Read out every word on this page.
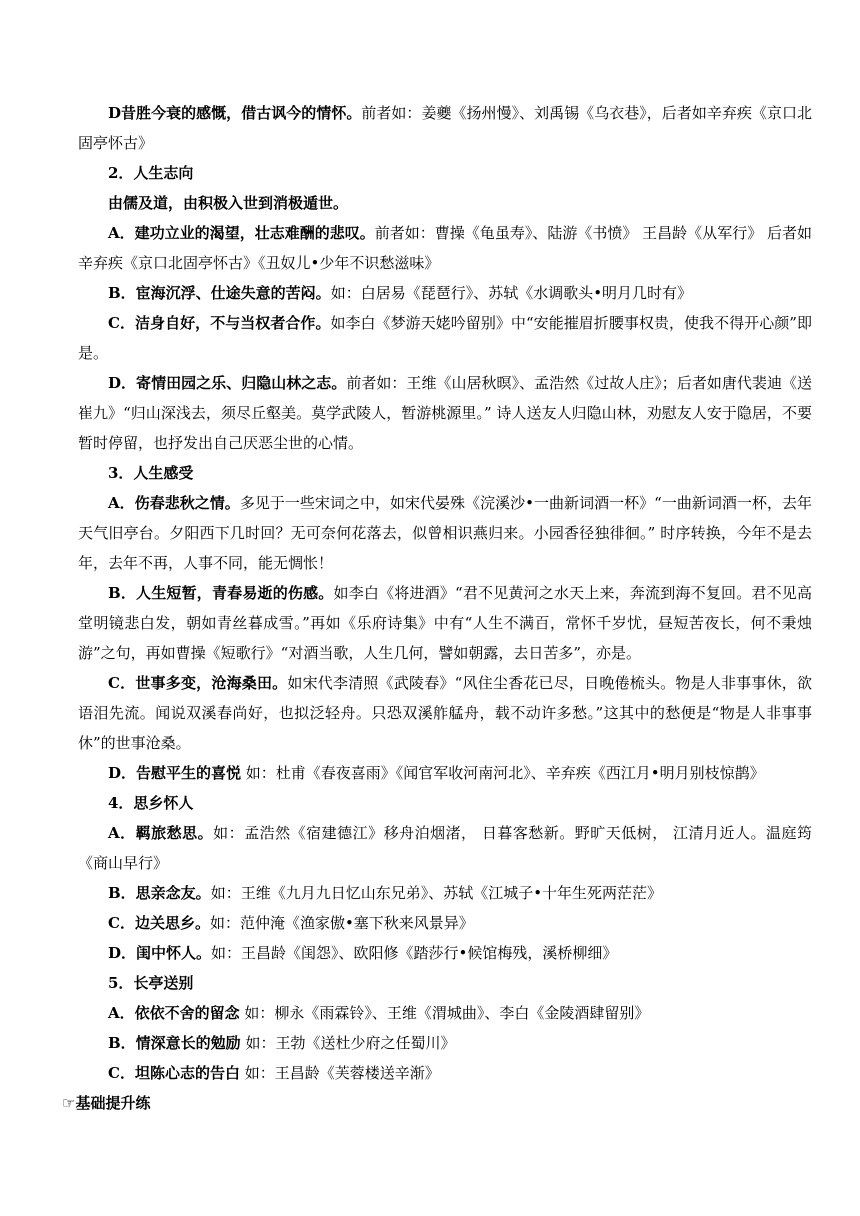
D昔胜今衰的感慨，借古讽今的情怀。前者如：姜夔《扬州慢》、刘禹锡《乌衣巷》，后者如辛弃疾《京口北固亭怀古》

2．人生志向

由儒及道，由积极入世到消极遁世。

A．建功立业的渴望，壮志难酬的悲叹。前者如：曹操《龟虽寿》、陆游《书愤》 王昌龄《从军行》 后者如辛弃疾《京口北固亭怀古》《丑奴儿•少年不识愁滋味》

B．宦海沉浮、仕途失意的苦闷。如：白居易《琵琶行》、苏轼《水调歌头•明月几时有》

C．洁身自好，不与当权者合作。如李白《梦游天姥吟留别》中“安能摧眉折腰事权贵，使我不得开心颜”即是。

D．寄情田园之乐、归隐山林之志。前者如：王维《山居秋暝》、孟浩然《过故人庄》；后者如唐代裴迪《送崔九》“归山深浅去，须尽丘壑美。莫学武陵人，暂游桃源里。” 诗人送友人归隐山林，劝慰友人安于隐居，不要暂时停留，也抒发出自己厌恶尘世的心情。

3．人生感受

A．伤春悲秋之情。多见于一些宋词之中，如宋代晏殊《浣溪沙•一曲新词酒一杯》“一曲新词酒一杯，去年天气旧亭台。夕阳西下几时回？无可奈何花落去，似曾相识燕归来。小园香径独徘徊。” 时序转换，今年不是去年，去年不再，人事不同，能无惆怅！

B．人生短暂，青春易逝的伤感。如李白《将进酒》“君不见黄河之水天上来，奔流到海不复回。君不见高堂明镜悲白发，朝如青丝暮成雪。”再如《乐府诗集》中有“人生不满百，常怀千岁忧，昼短苦夜长，何不秉烛游”之句，再如曹操《短歌行》“对酒当歌，人生几何，譬如朝露，去日苦多”，亦是。

C．世事多变，沧海桑田。如宋代李清照《武陵春》“风住尘香花已尽，日晚倦梳头。物是人非事事休，欲语泪先流。闻说双溪春尚好，也拟泛轻舟。只恐双溪舴艋舟，载不动许多愁。”这其中的愁便是“物是人非事事休”的世事沧桑。

D．告慰平生的喜悦 如：杜甫《春夜喜雨》《闻官军收河南河北》、辛弃疾《西江月•明月别枝惊鹊》

4．思乡怀人

A．羁旅愁思。如：孟浩然《宿建德江》移舟泊烟渚， 日暮客愁新。野旷天低树， 江清月近人。温庭筠《商山早行》

B．思亲念友。如：王维《九月九日忆山东兄弟》、苏轼《江城子•十年生死两茫茫》

C．边关思乡。如：范仲淹《渔家傲•塞下秋来风景异》

D．闺中怀人。如：王昌龄《闺怨》、欧阳修《踏莎行•候馆梅残，溪桥柳细》

5．长亭送别

A．依依不舍的留念 如：柳永《雨霖铃》、王维《渭城曲》、李白《金陵酒肆留别》

B．情深意长的勉励 如：王勃《送杜少府之任蜀川》

C．坦陈心志的告白 如：王昌龄《芙蓉楼送辛渐》

☞基础提升练
